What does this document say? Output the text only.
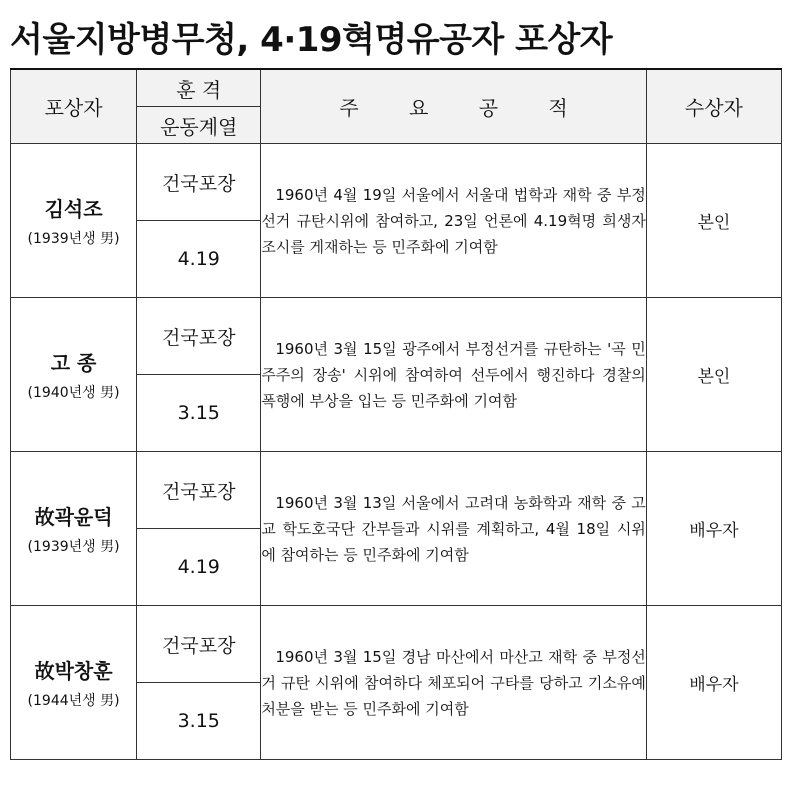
서울지방병무청, 4·19혁명유공자 포상자
포상자	훈 격	주 요 공 적	수상자
	운동계열		

김석조
(1939년생 男)	건국포장	1960년 4월 19일 서울에서 서울대 법학과 재학 중 부정선거 규탄시위에 참여하고, 23일 언론에 4.19혁명 희생자 조시를 게재하는 등 민주화에 기여함	본인
	4.19		

고 종
(1940년생 男)	건국포장	1960년 3월 15일 광주에서 부정선거를 규탄하는 '곡 민주주의 장송' 시위에 참여하여 선두에서 행진하다 경찰의 폭행에 부상을 입는 등 민주화에 기여함	본인
	3.15		

故곽윤덕
(1939년생 男)	건국포장	1960년 3월 13일 서울에서 고려대 농화학과 재학 중 고교 학도호국단 간부들과 시위를 계획하고, 4월 18일 시위에 참여하는 등 민주화에 기여함	배우자
	4.19		

故박창훈
(1944년생 男)	건국포장	1960년 3월 15일 경남 마산에서 마산고 재학 중 부정선거 규탄 시위에 참여하다 체포되어 구타를 당하고 기소유예 처분을 받는 등 민주화에 기여함	배우자
	3.15		
